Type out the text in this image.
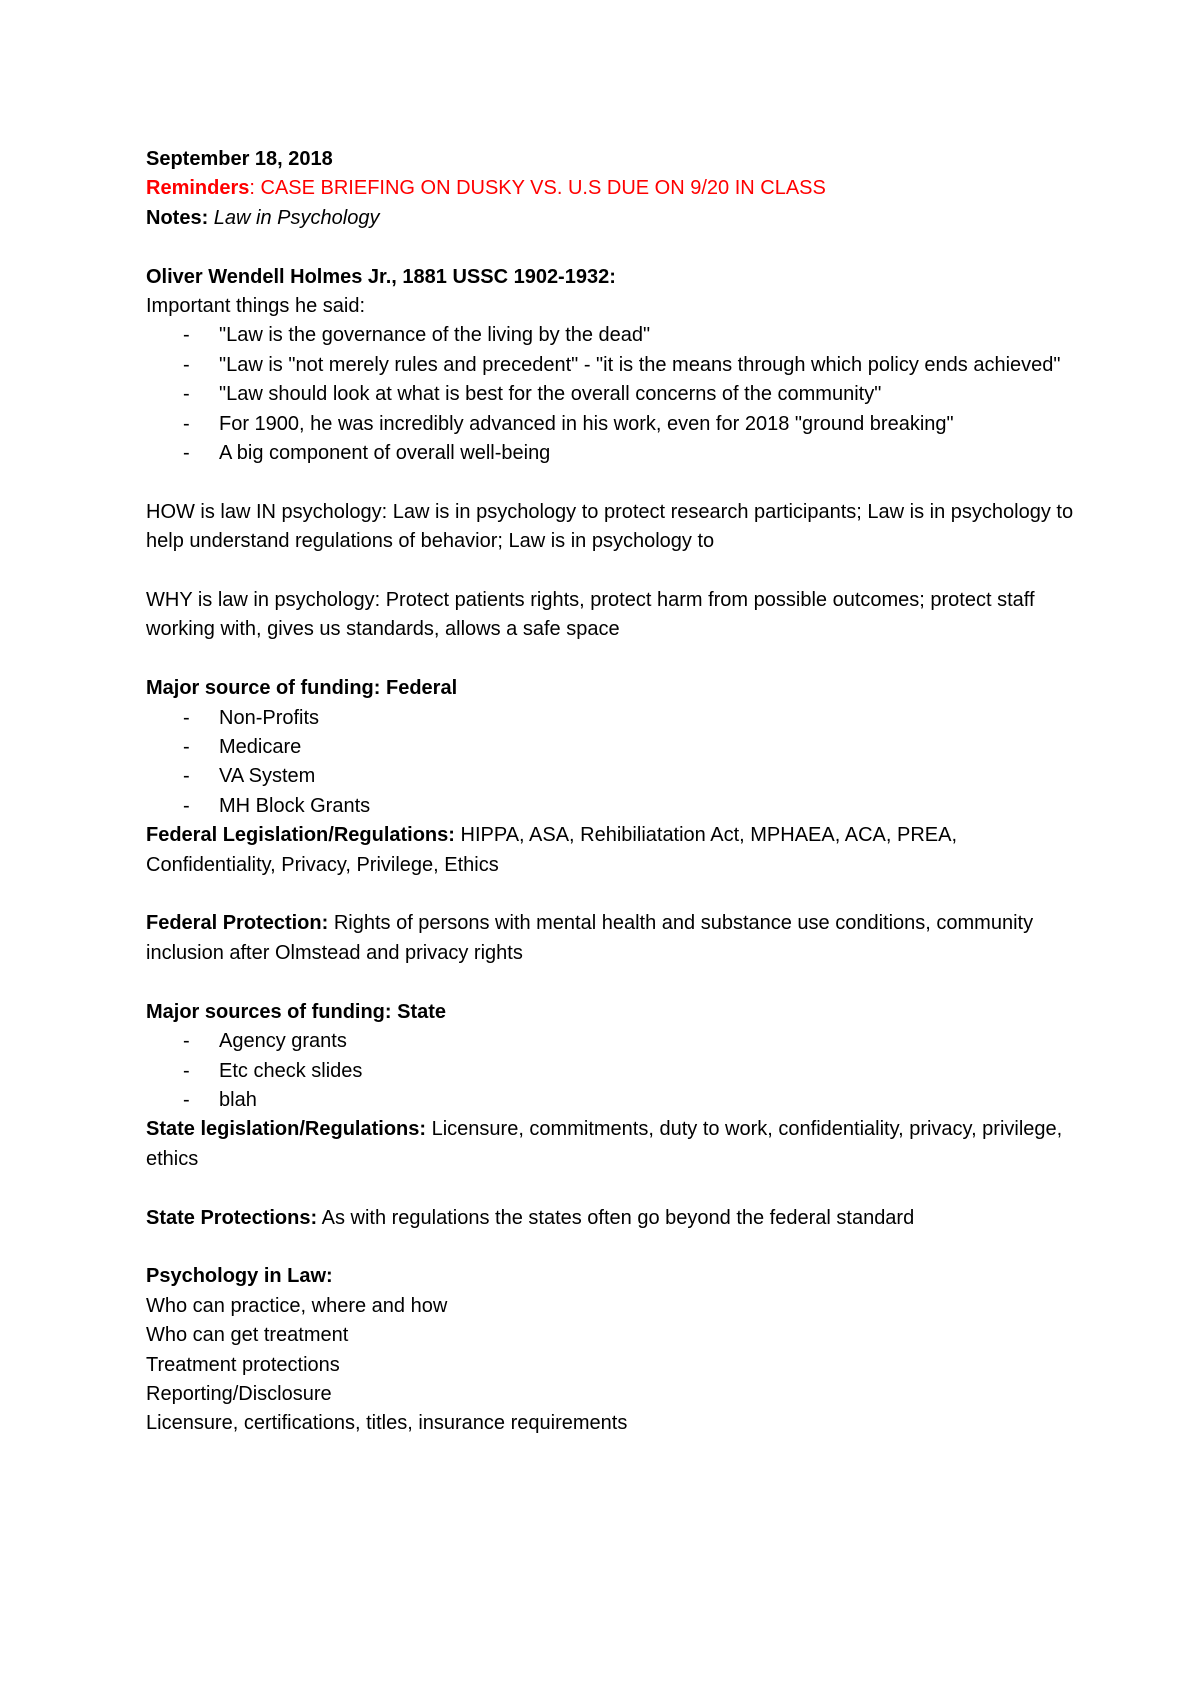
September 18, 2018

Reminders: CASE BRIEFING ON DUSKY VS. U.S DUE ON 9/20 IN CLASS

Notes: Law in Psychology

Oliver Wendell Holmes Jr., 1881 USSC 1902-1932:

Important things he said:

- "Law is the governance of the living by the dead"
- "Law is "not merely rules and precedent" - "it is the means through which policy ends achieved"
- "Law should look at what is best for the overall concerns of the community"
- For 1900, he was incredibly advanced in his work, even for 2018 "ground breaking"
- A big component of overall well-being

HOW is law IN psychology: Law is in psychology to protect research participants; Law is in psychology to help understand regulations of behavior; Law is in psychology to

WHY is law in psychology: Protect patients rights, protect harm from possible outcomes; protect staff working with, gives us standards, allows a safe space

Major source of funding: Federal

- Non-Profits
- Medicare
- VA System
- MH Block Grants

Federal Legislation/Regulations: HIPPA, ASA, Rehibiliatation Act, MPHAEA, ACA, PREA, Confidentiality, Privacy, Privilege, Ethics

Federal Protection: Rights of persons with mental health and substance use conditions, community inclusion after Olmstead and privacy rights

Major sources of funding: State

- Agency grants
- Etc check slides
- blah

State legislation/Regulations: Licensure, commitments, duty to work, confidentiality, privacy, privilege, ethics

State Protections: As with regulations the states often go beyond the federal standard

Psychology in Law:

Who can practice, where and how

Who can get treatment

Treatment protections

Reporting/Disclosure

Licensure, certifications, titles, insurance requirements
